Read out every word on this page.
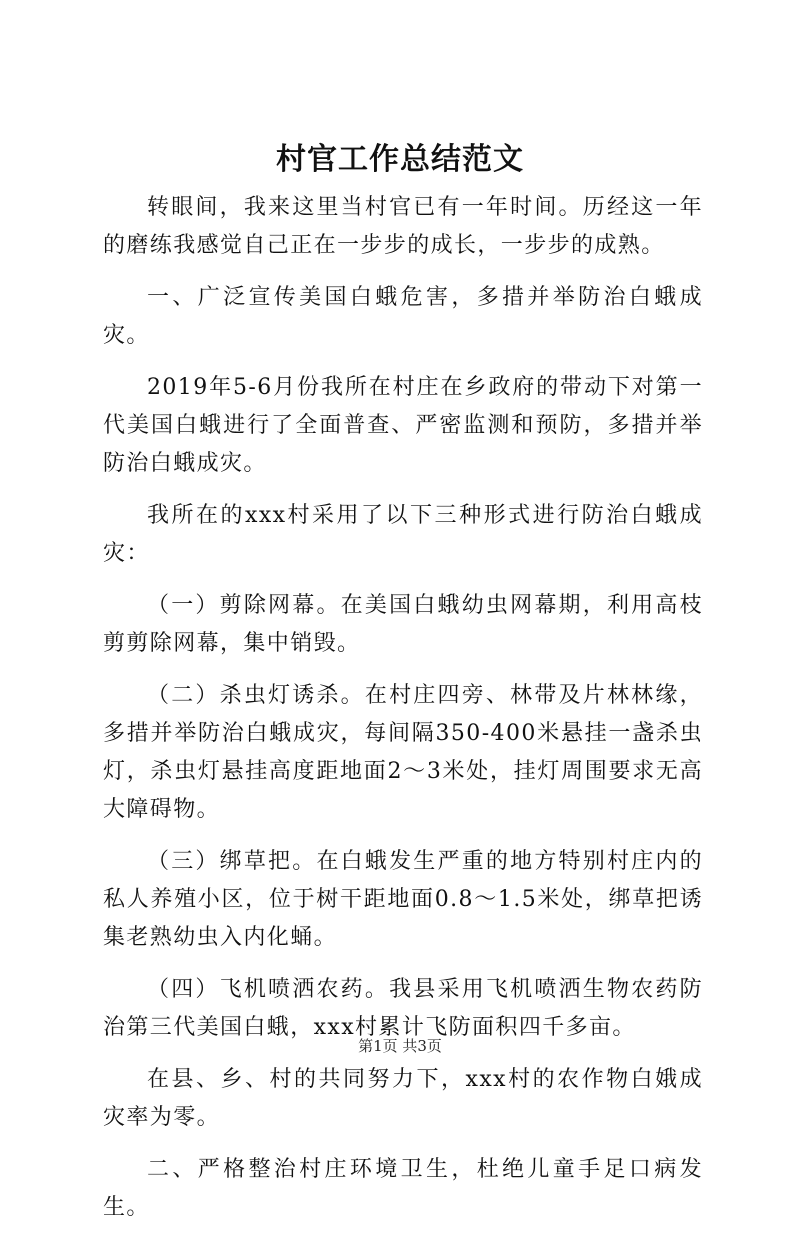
村官工作总结范文

转眼间，我来这里当村官已有一年时间。历经这一年的磨练我感觉自己正在一步步的成长，一步步的成熟。

一、广泛宣传美国白蛾危害，多措并举防治白蛾成灾。

2019年5-6月份我所在村庄在乡政府的带动下对第一代美国白蛾进行了全面普查、严密监测和预防，多措并举防治白蛾成灾。

我所在的xxx村采用了以下三种形式进行防治白蛾成灾：

（一）剪除网幕。在美国白蛾幼虫网幕期，利用高枝剪剪除网幕，集中销毁。

（二）杀虫灯诱杀。在村庄四旁、林带及片林林缘，多措并举防治白蛾成灾，每间隔350-400米悬挂一盏杀虫灯，杀虫灯悬挂高度距地面2～3米处，挂灯周围要求无高大障碍物。

（三）绑草把。在白蛾发生严重的地方特别村庄内的私人养殖小区，位于树干距地面0.8～1.5米处，绑草把诱集老熟幼虫入内化蛹。

（四）飞机喷洒农药。我县采用飞机喷洒生物农药防治第三代美国白蛾，xxx村累计飞防面积四千多亩。

在县、乡、村的共同努力下，xxx村的农作物白娥成灾率为零。

二、严格整治村庄环境卫生，杜绝儿童手足口病发生。

第1页 共3页
